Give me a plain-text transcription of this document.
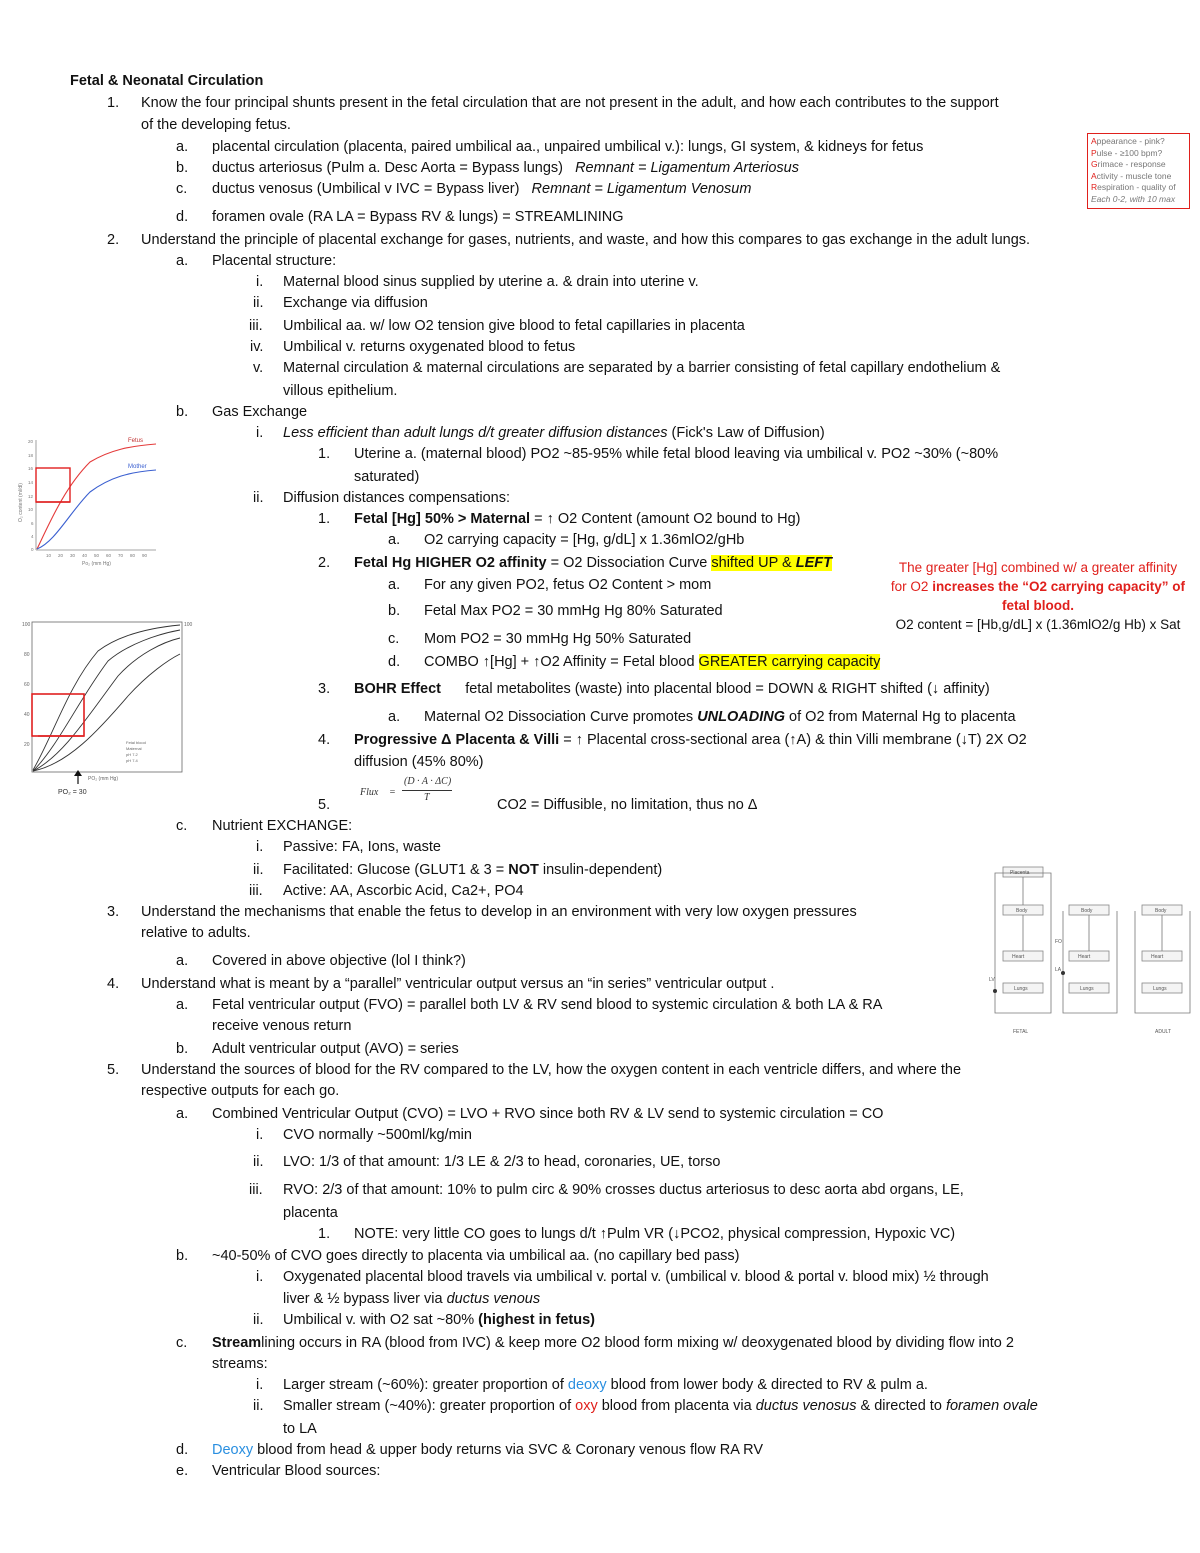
Fetal & Neonatal Circulation
1. Know the four principal shunts present in the fetal circulation that are not present in the adult, and how each contributes to the support
of the developing fetus.
a. placental circulation (placenta, paired umbilical aa., unpaired umbilical v.): lungs, GI system, & kidneys for fetus
b. ductus arteriosus (Pulm a. Desc Aorta = Bypass lungs) Remnant = Ligamentum Arteriosus
c. ductus venosus (Umbilical v IVC = Bypass liver) Remnant = Ligamentum Venosum
d. foramen ovale (RA LA = Bypass RV & lungs) = STREAMLINING
Appearance - pink?
Pulse - ≥100 bpm?
Grimace - response
Activity - muscle tone
Respiration - quality of
Each 0-2, with 10 max
2. Understand the principle of placental exchange for gases, nutrients, and waste, and how this compares to gas exchange in the adult lungs.
a. Placental structure:
i. Maternal blood sinus supplied by uterine a. & drain into uterine v.
ii. Exchange via diffusion
iii. Umbilical aa. w/ low O2 tension give blood to fetal capillaries in placenta
iv. Umbilical v. returns oxygenated blood to fetus
v. Maternal circulation & maternal circulations are separated by a barrier consisting of fetal capillary endothelium &
villous epithelium.
b. Gas Exchange
i. Less efficient than adult lungs d/t greater diffusion distances (Fick's Law of Diffusion)
1. Uterine a. (maternal blood) PO2 ~85-95% while fetal blood leaving via umbilical v. PO2 ~30% (~80%
saturated)
ii. Diffusion distances compensations:
1. Fetal [Hg] 50% > Maternal = ↑ O2 Content (amount O2 bound to Hg)
a. O2 carrying capacity = [Hg, g/dL] x 1.36mlO2/gHb
2. Fetal Hg HIGHER O2 affinity = O2 Dissociation Curve shifted UP & LEFT
a. For any given PO2, fetus O2 Content > mom
b. Fetal Max PO2 = 30 mmHg Hg 80% Saturated
c. Mom PO2 = 30 mmHg Hg 50% Saturated
d. COMBO ↑[Hg] + ↑O2 Affinity = Fetal blood GREATER carrying capacity
3. BOHR Effect fetal metabolites (waste) into placental blood = DOWN & RIGHT shifted (↓ affinity)
a. Maternal O2 Dissociation Curve promotes UNLOADING of O2 from Maternal Hg to placenta
4. Progressive Δ Placenta & Villi = ↑ Placental cross-sectional area (↑A) & thin Villi membrane (↓T) 2X O2
diffusion (45% 80%)
5.
Flux =
(D · A · ΔC)
T	CO2 = Diffusible, no limitation, thus no Δ
c. Nutrient EXCHANGE:
i. Passive: FA, Ions, waste
ii. Facilitated: Glucose (GLUT1 & 3 = NOT insulin-dependent)
iii. Active: AA, Ascorbic Acid, Ca2+, PO4
The greater [Hg] combined w/ a greater affinity
for O2 increases the “O2 carrying capacity” of
fetal blood.
O2 content = [Hb,g/dL] x (1.36mlO2/g Hb) x Sat
3. Understand the mechanisms that enable the fetus to develop in an environment with very low oxygen pressures
relative to adults.
a. Covered in above objective (lol I think?)
4. Understand what is meant by a “parallel” ventricular output versus an “in series” ventricular output .
a. Fetal ventricular output (FVO) = parallel both LV & RV send blood to systemic circulation & both LA & RA
receive venous return
b. Adult ventricular output (AVO) = series
5. Understand the sources of blood for the RV compared to the LV, how the oxygen content in each ventricle differs, and where the
respective outputs for each go.
a. Combined Ventricular Output (CVO) = LVO + RVO since both RV & LV send to systemic circulation = CO
i. CVO normally ~500ml/kg/min
ii. LVO: 1/3 of that amount: 1/3 LE & 2/3 to head, coronaries, UE, torso
iii. RVO: 2/3 of that amount: 10% to pulm circ & 90% crosses ductus arteriosus to desc aorta abd organs, LE,
placenta
1. NOTE: very little CO goes to lungs d/t ↑Pulm VR (↓PCO2, physical compression, Hypoxic VC)
b. ~40-50% of CVO goes directly to placenta via umbilical aa. (no capillary bed pass)
i. Oxygenated placental blood travels via umbilical v. portal v. (umbilical v. blood & portal v. blood mix) ½ through
liver & ½ bypass liver via ductus venous
ii. Umbilical v. with O2 sat ~80% (highest in fetus)
c. Streamlining occurs in RA (blood from IVC) & keep more O2 blood form mixing w/ deoxygenated blood by dividing flow into 2
streams:
i. Larger stream (~60%): greater proportion of deoxy blood from lower body & directed to RV & pulm a.
ii. Smaller stream (~40%): greater proportion of oxy blood from placenta via ductus venosus & directed to foramen ovale
to LA
d. Deoxy blood from head & upper body returns via SVC & Coronary venous flow RA RV
e. Ventricular Blood sources:
20
18
16
14
12
10
6
4
0
10 20 30 40 50 60 70 80 90
Po₂ (mm Hg)
O₂ content (ml/dl)
Fetus
Mother
100
80
60
40
20
100
PO₂ (mm Hg)
Fetal blood
Maternal
pH 7.2
pH 7.4
PO₂ = 30
Placenta
Body	Body	Body
Heart	Heart	Heart
Lungs	Lungs	Lungs
LV
FO
LA
FETAL	ADULT
